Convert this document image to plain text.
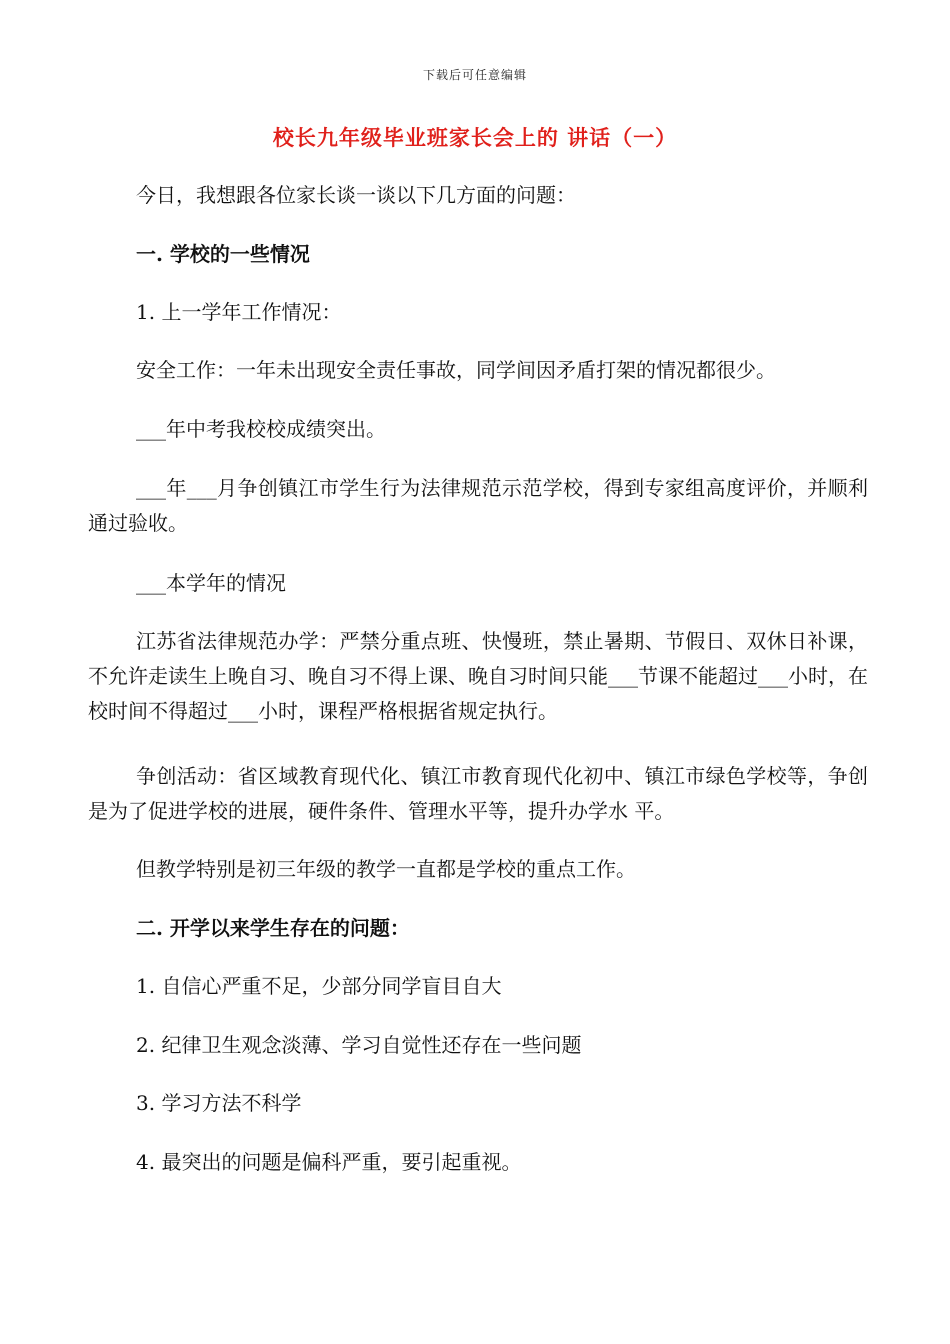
下载后可任意编辑
校长九年级毕业班家长会上的 讲话（一）
今日，我想跟各位家长谈一谈以下几方面的问题：
一. 学校的一些情况
1. 上一学年工作情况：
安全工作：一年未出现安全责任事故，同学间因矛盾打架的情况都很少。
___年中考我校校成绩突出。
___年___月争创镇江市学生行为法律规范示范学校，得到专家组高度评价，并顺利通过验收。
___本学年的情况
江苏省法律规范办学：严禁分重点班、快慢班，禁止暑期、节假日、双休日补课，不允许走读生上晚自习、晚自习不得上课、晚自习时间只能___节课不能超过___小时，在校时间不得超过___小时，课程严格根据省规定执行。
争创活动：省区域教育现代化、镇江市教育现代化初中、镇江市绿色学校等，争创是为了促进学校的进展，硬件条件、管理水平等，提升办学水 平。
但教学特别是初三年级的教学一直都是学校的重点工作。
二. 开学以来学生存在的问题：
1. 自信心严重不足，少部分同学盲目自大
2. 纪律卫生观念淡薄、学习自觉性还存在一些问题
3. 学习方法不科学
4. 最突出的问题是偏科严重，要引起重视。
